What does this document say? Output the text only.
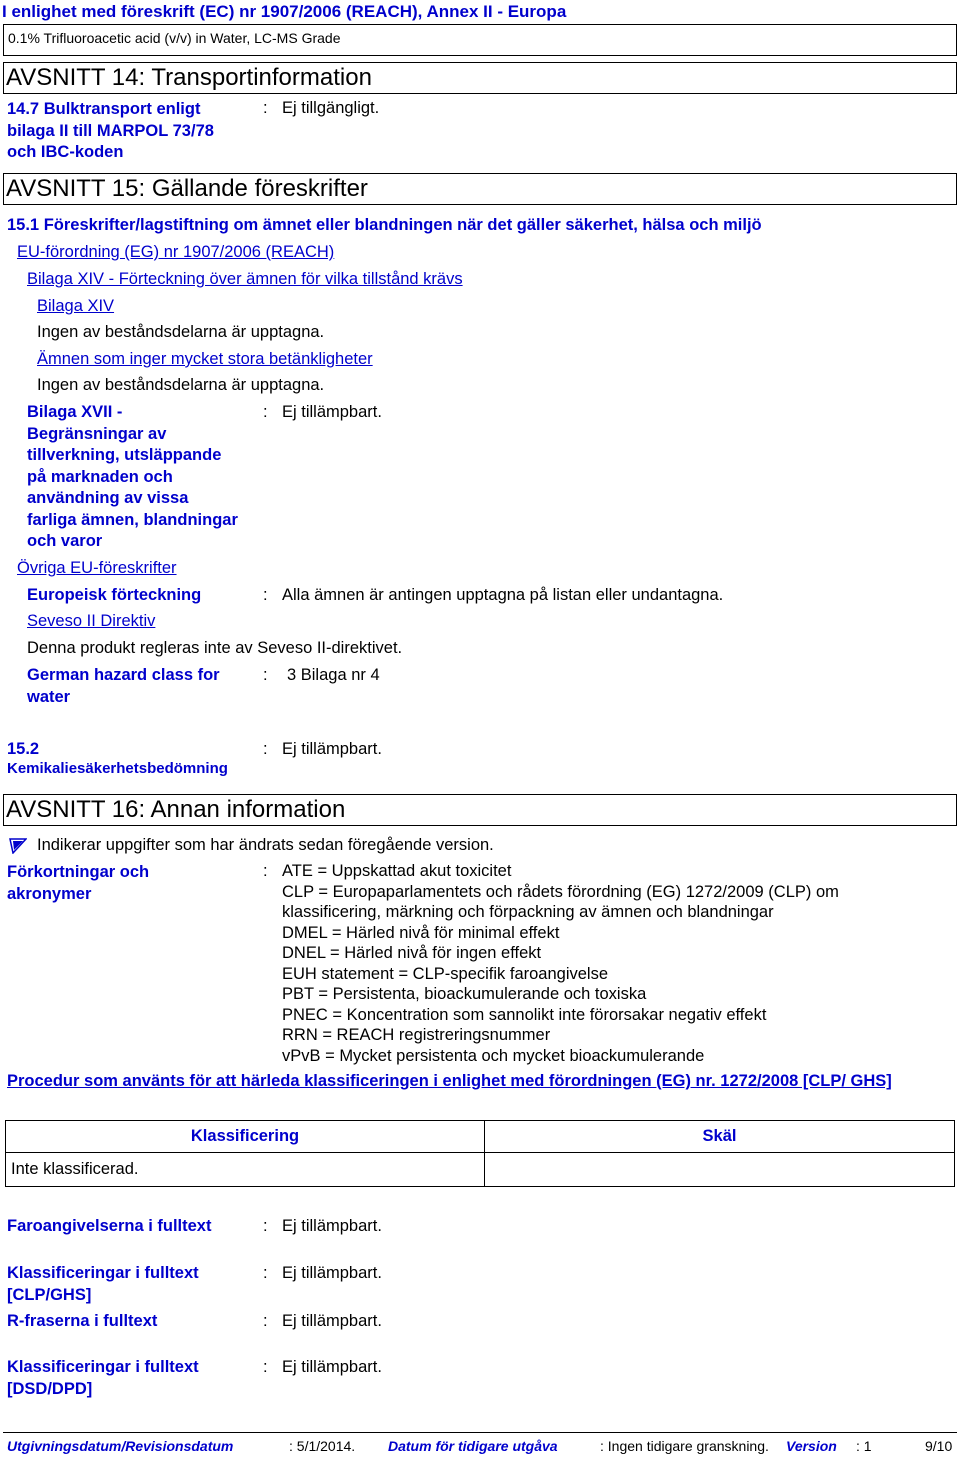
I enlighet med föreskrift (EC) nr 1907/2006 (REACH), Annex II - Europa
0.1% Trifluoroacetic acid (v/v) in Water, LC-MS Grade
AVSNITT 14: Transportinformation
14.7 Bulktransport enligt bilaga II till MARPOL 73/78 och IBC-koden
: Ej tillgängligt.
AVSNITT 15: Gällande föreskrifter
15.1 Föreskrifter/lagstiftning om ämnet eller blandningen när det gäller säkerhet, hälsa och miljö
EU-förordning (EG) nr 1907/2006 (REACH)
Bilaga XIV - Förteckning över ämnen för vilka tillstånd krävs
Bilaga XIV
Ingen av beståndsdelarna är upptagna.
Ämnen som inger mycket stora betänkligheter
Ingen av beståndsdelarna är upptagna.
Bilaga XVII - Begränsningar av tillverkning, utsläppande på marknaden och användning av vissa farliga ämnen, blandningar och varor
: Ej tillämpbart.
Övriga EU-föreskrifter
Europeisk förteckning	: Alla ämnen är antingen upptagna på listan eller undantagna.
Seveso II Direktiv
Denna produkt regleras inte av Seveso II-direktivet.
German hazard class for water
: 3 Bilaga nr 4
15.2
Kemikaliesäkerhetsbedömning
: Ej tillämpbart.
AVSNITT 16: Annan information
Indikerar uppgifter som har ändrats sedan föregående version.
Förkortningar och akronymer
: ATE = Uppskattad akut toxicitet
CLP = Europaparlamentets och rådets förordning (EG) 1272/2009 (CLP) om klassificering, märkning och förpackning av ämnen och blandningar
DMEL = Härled nivå för minimal effekt
DNEL = Härled nivå för ingen effekt
EUH statement = CLP-specifik faroangivelse
PBT = Persistenta, bioackumulerande och toxiska
PNEC = Koncentration som sannolikt inte förorsakar negativ effekt
RRN = REACH registreringsnummer
vPvB = Mycket persistenta och mycket bioackumulerande
Procedur som använts för att härleda klassificeringen i enlighet med förordningen (EG) nr. 1272/2008 [CLP/ GHS]
Klassificering	Skäl
Inte klassificerad.	
Faroangivelserna i fulltext	: Ej tillämpbart.
Klassificeringar i fulltext [CLP/GHS]
: Ej tillämpbart.
R-fraserna i fulltext	: Ej tillämpbart.
Klassificeringar i fulltext [DSD/DPD]
: Ej tillämpbart.
Utgivningsdatum/Revisionsdatum	: 5/1/2014. Datum för tidigare utgåva	: Ingen tidigare granskning. Version : 1	9/10
